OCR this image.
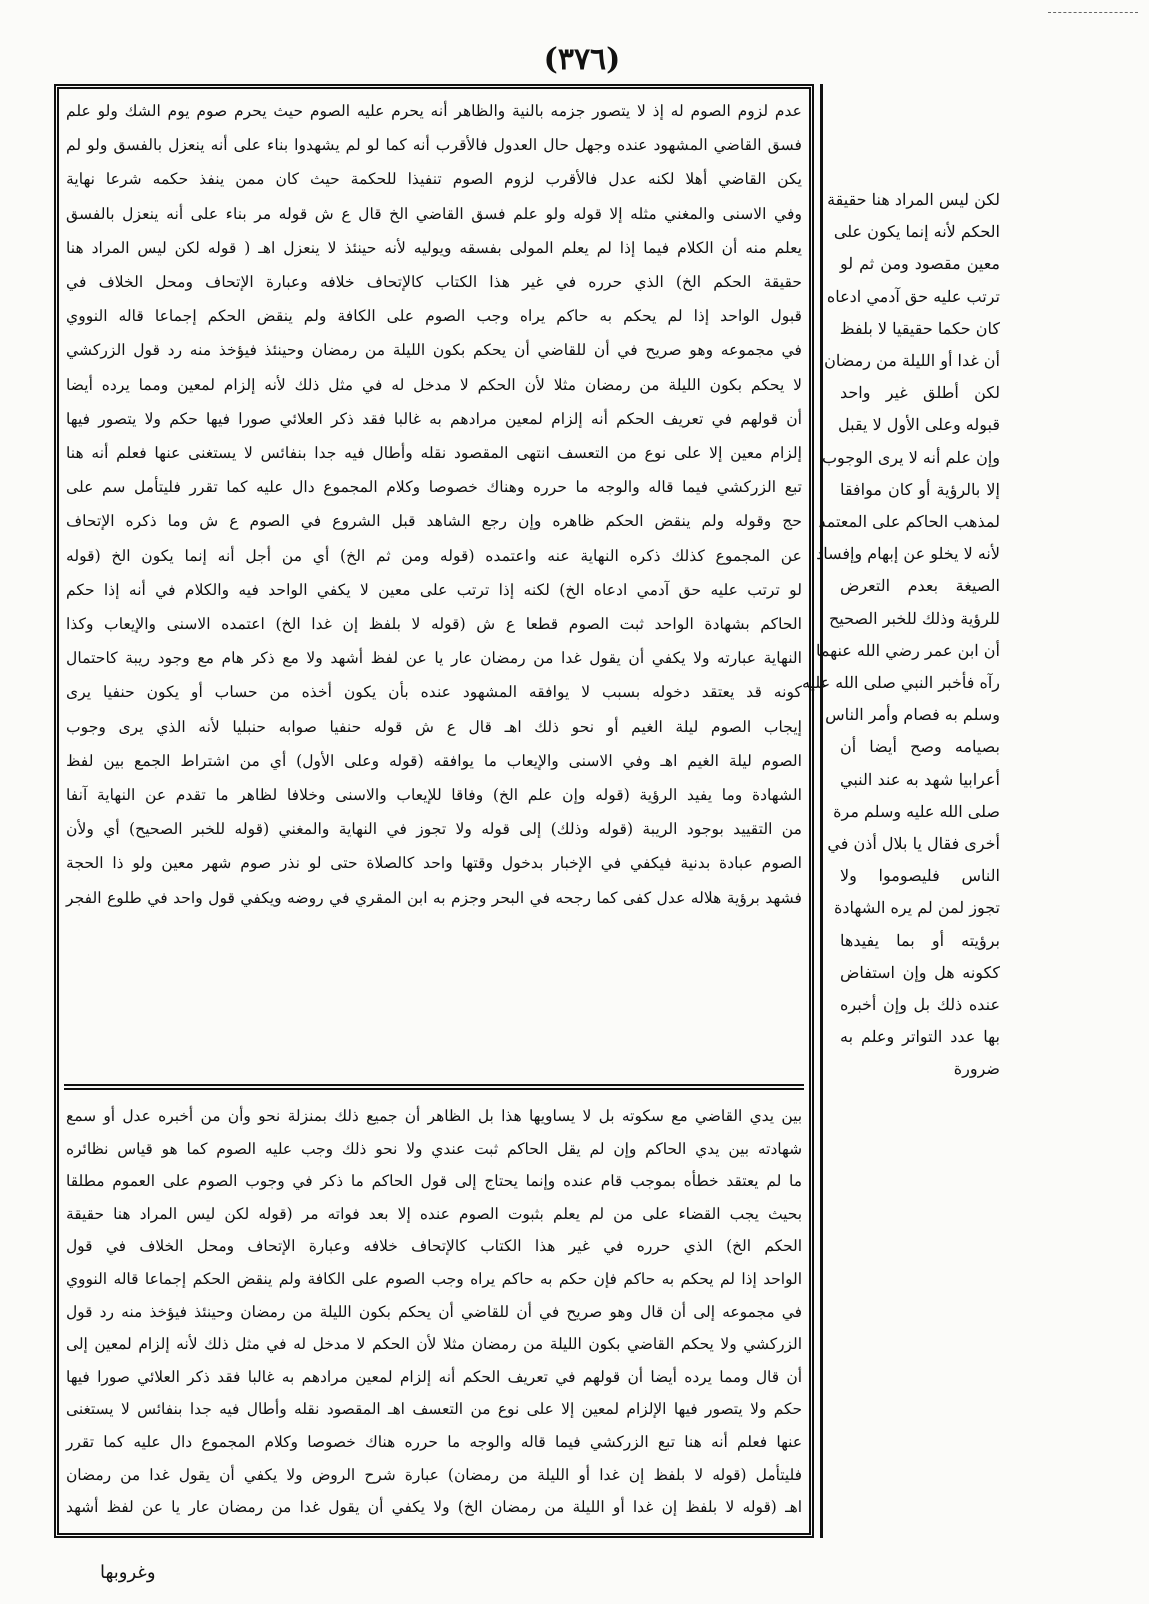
(٣٧٦)
عدم لزوم الصوم له إذ لا يتصور جزمه بالنية والظاهر أنه يحرم عليه الصوم حيث يحرم صوم يوم الشك ولو علم
فسق القاضي المشهود عنده وجهل حال العدول فالأقرب أنه كما لو لم يشهدوا بناء على أنه ينعزل بالفسق ولو لم
يكن القاضي أهلا لكنه عدل فالأقرب لزوم الصوم تنفيذا للحكمة حيث كان ممن ينفذ حكمه شرعا نهاية
وفي الاسنى والمغني مثله إلا قوله ولو علم فسق القاضي الخ قال ع ش قوله مر بناء على أنه ينعزل بالفسق
يعلم منه أن الكلام فيما إذا لم يعلم المولى بفسقه ويوليه لأنه حينئذ لا ينعزل اهـ ( قوله لكن ليس المراد هنا
حقيقة الحكم الخ) الذي حرره في غير هذا الكتاب كالإتحاف خلافه وعبارة الإتحاف ومحل الخلاف في
قبول الواحد إذا لم يحكم به حاكم يراه وجب الصوم على الكافة ولم ينقض الحكم إجماعا قاله النووي
في مجموعه وهو صريح في أن للقاضي أن يحكم بكون الليلة من رمضان وحينئذ فيؤخذ منه رد قول الزركشي
لا يحكم بكون الليلة من رمضان مثلا لأن الحكم لا مدخل له في مثل ذلك لأنه إلزام لمعين ومما يرده أيضا
أن قولهم في تعريف الحكم أنه إلزام لمعين مرادهم به غالبا فقد ذكر العلائي صورا فيها حكم ولا يتصور فيها
إلزام معين إلا على نوع من التعسف انتهى المقصود نقله وأطال فيه جدا بنفائس لا يستغنى عنها فعلم أنه هنا
تبع الزركشي فيما قاله والوجه ما حرره وهناك خصوصا وكلام المجموع دال عليه كما تقرر فليتأمل سم على
حج وقوله ولم ينقض الحكم ظاهره وإن رجع الشاهد قبل الشروع في الصوم ع ش وما ذكره الإتحاف
عن المجموع كذلك ذكره النهاية عنه واعتمده (قوله ومن ثم الخ) أي من أجل أنه إنما يكون الخ (قوله
لو ترتب عليه حق آدمي ادعاه الخ) لكنه إذا ترتب على معين لا يكفي الواحد فيه والكلام في أنه إذا حكم
الحاكم بشهادة الواحد ثبت الصوم قطعا ع ش (قوله لا بلفظ إن غدا الخ) اعتمده الاسنى والإيعاب وكذا
النهاية عبارته ولا يكفي أن يقول غدا من رمضان عار يا عن لفظ أشهد ولا مع ذكر هام مع وجود ريبة كاحتمال
كونه قد يعتقد دخوله بسبب لا يوافقه المشهود عنده بأن يكون أخذه من حساب أو يكون حنفيا يرى
إيجاب الصوم ليلة الغيم أو نحو ذلك اهـ قال ع ش قوله حنفيا صوابه حنبليا لأنه الذي يرى وجوب
الصوم ليلة الغيم اهـ وفي الاسنى والإيعاب ما يوافقه (قوله وعلى الأول) أي من اشتراط الجمع بين لفظ
الشهادة وما يفيد الرؤية (قوله وإن علم الخ) وفاقا للإيعاب والاسنى وخلافا لظاهر ما تقدم عن النهاية آنفا
من التقييد بوجود الريبة (قوله وذلك) إلى قوله ولا تجوز في النهاية والمغني (قوله للخبر الصحيح) أي ولأن
الصوم عبادة بدنية فيكفي في الإخبار بدخول وقتها واحد كالصلاة حتى لو نذر صوم شهر معين ولو ذا الحجة
فشهد برؤية هلاله عدل كفى كما رجحه في البحر وجزم به ابن المقري في روضه ويكفي قول واحد في طلوع الفجر
بين يدي القاضي مع سكوته بل لا يساويها هذا بل الظاهر أن جميع ذلك بمنزلة نحو وأن من أخبره عدل أو سمع
شهادته بين يدي الحاكم وإن لم يقل الحاكم ثبت عندي ولا نحو ذلك وجب عليه الصوم كما هو قياس نظائره
ما لم يعتقد خطأه بموجب قام عنده وإنما يحتاج إلى قول الحاكم ما ذكر في وجوب الصوم على العموم مطلقا
بحيث يجب القضاء على من لم يعلم بثبوت الصوم عنده إلا بعد فواته مر (قوله لكن ليس المراد هنا حقيقة
الحكم الخ) الذي حرره في غير هذا الكتاب كالإتحاف خلافه وعبارة الإتحاف ومحل الخلاف في قول
الواحد إذا لم يحكم به حاكم فإن حكم به حاكم يراه وجب الصوم على الكافة ولم ينقض الحكم إجماعا قاله النووي
في مجموعه إلى أن قال وهو صريح في أن للقاضي أن يحكم بكون الليلة من رمضان وحينئذ فيؤخذ منه رد قول
الزركشي ولا يحكم القاضي بكون الليلة من رمضان مثلا لأن الحكم لا مدخل له في مثل ذلك لأنه إلزام لمعين إلى
أن قال ومما يرده أيضا أن قولهم في تعريف الحكم أنه إلزام لمعين مرادهم به غالبا فقد ذكر العلائي صورا فيها
حكم ولا يتصور فيها الإلزام لمعين إلا على نوع من التعسف اهـ المقصود نقله وأطال فيه جدا بنفائس لا يستغنى
عنها فعلم أنه هنا تبع الزركشي فيما قاله والوجه ما حرره هناك خصوصا وكلام المجموع دال عليه كما تقرر
فليتأمل (قوله لا بلفظ إن غدا أو الليلة من رمضان) عبارة شرح الروض ولا يكفي أن يقول غدا من رمضان
اهـ (قوله لا بلفظ إن غدا أو الليلة من رمضان الخ) ولا يكفي أن يقول غدا من رمضان عار يا عن لفظ أشهد
لكن ليس المراد هنا حقيقة
الحكم لأنه إنما يكون على
معين مقصود ومن ثم لو
ترتب عليه حق آدمي ادعاه
كان حكما حقيقيا لا بلفظ
أن غدا أو الليلة من رمضان
لكن أطلق غير واحد
قبوله وعلى الأول لا يقبل
وإن علم أنه لا يرى الوجوب
إلا بالرؤية أو كان موافقا
لمذهب الحاكم على المعتمد
لأنه لا يخلو عن إبهام وإفساد
الصيغة بعدم التعرض
للرؤية وذلك للخبر الصحيح
أن ابن عمر رضي الله عنهما
رآه فأخبر النبي صلى الله عليه
وسلم به فصام وأمر الناس
بصيامه وصح أيضا أن
أعرابيا شهد به عند النبي
صلى الله عليه وسلم مرة
أخرى فقال يا بلال أذن في
الناس فليصوموا ولا
تجوز لمن لم يره الشهادة
برؤيته أو بما يفيدها
ككونه هل وإن استفاض
عنده ذلك بل وإن أخبره
بها عدد التواتر وعلم به
ضرورة
وغروبها
